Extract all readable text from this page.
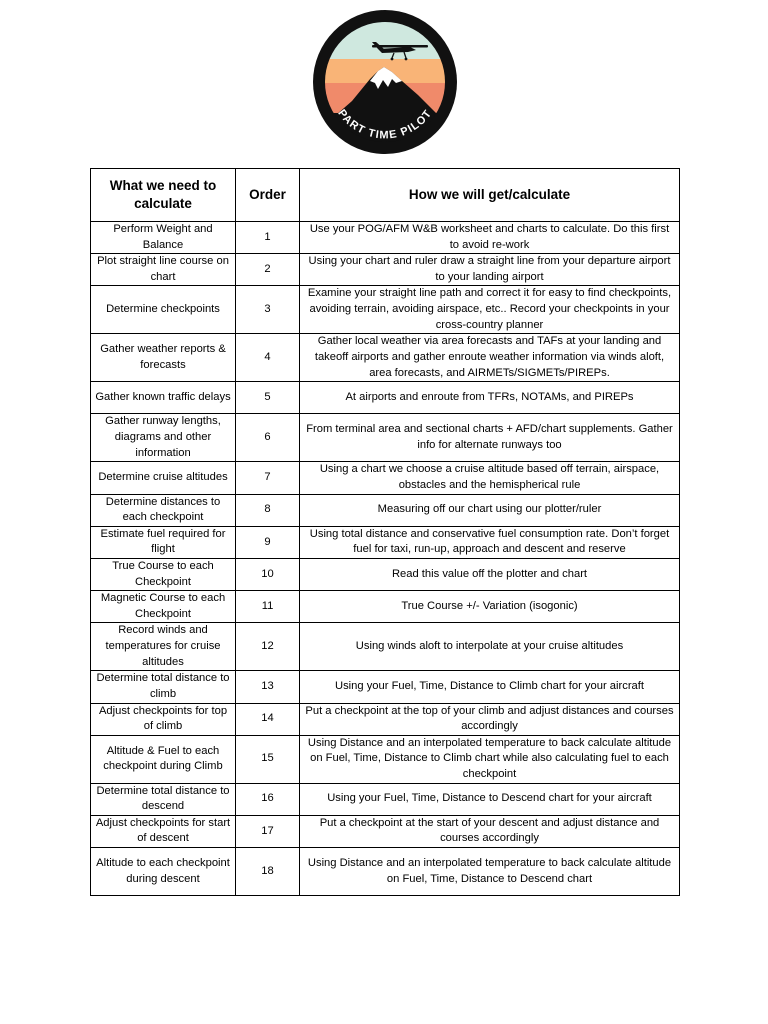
PART TIME PILOT
What we need to calculate	Order	How we will get/calculate
Perform Weight and Balance	1	Use your POG/AFM W&B worksheet and charts to calculate. Do this first to avoid re-work
Plot straight line course on chart	2	Using your chart and ruler draw a straight line from your departure airport to your landing airport
Determine checkpoints	3	Examine your straight line path and correct it for easy to find checkpoints, avoiding terrain, avoiding airspace, etc.. Record your checkpoints in your cross-country planner
Gather weather reports & forecasts	4	Gather local weather via area forecasts and TAFs at your landing and takeoff airports and gather enroute weather information via winds aloft, area forecasts, and AIRMETs/SIGMETs/PIREPs.
Gather known traffic delays	5	At airports and enroute from TFRs, NOTAMs, and PIREPs
Gather runway lengths, diagrams and other information	6	From terminal area and sectional charts + AFD/chart supplements. Gather info for alternate runways too
Determine cruise altitudes	7	Using a chart we choose a cruise altitude based off terrain, airspace, obstacles and the hemispherical rule
Determine distances to each checkpoint	8	Measuring off our chart using our plotter/ruler
Estimate fuel required for flight	9	Using total distance and conservative fuel consumption rate. Don’t forget fuel for taxi, run-up, approach and descent and reserve
True Course to each Checkpoint	10	Read this value off the plotter and chart
Magnetic Course to each Checkpoint	11	True Course +/- Variation (isogonic)
Record winds and temperatures for cruise altitudes	12	Using winds aloft to interpolate at your cruise altitudes
Determine total distance to climb	13	Using your Fuel, Time, Distance to Climb chart for your aircraft
Adjust checkpoints for top of climb	14	Put a checkpoint at the top of your climb and adjust distances and courses accordingly
Altitude & Fuel to each checkpoint during Climb	15	Using Distance and an interpolated temperature to back calculate altitude on Fuel, Time, Distance to Climb chart while also calculating fuel to each checkpoint
Determine total distance to descend	16	Using your Fuel, Time, Distance to Descend chart for your aircraft
Adjust checkpoints for start of descent	17	Put a checkpoint at the start of your descent and adjust distance and courses accordingly
Altitude to each checkpoint during descent	18	Using Distance and an interpolated temperature to back calculate altitude on Fuel, Time, Distance to Descend chart
